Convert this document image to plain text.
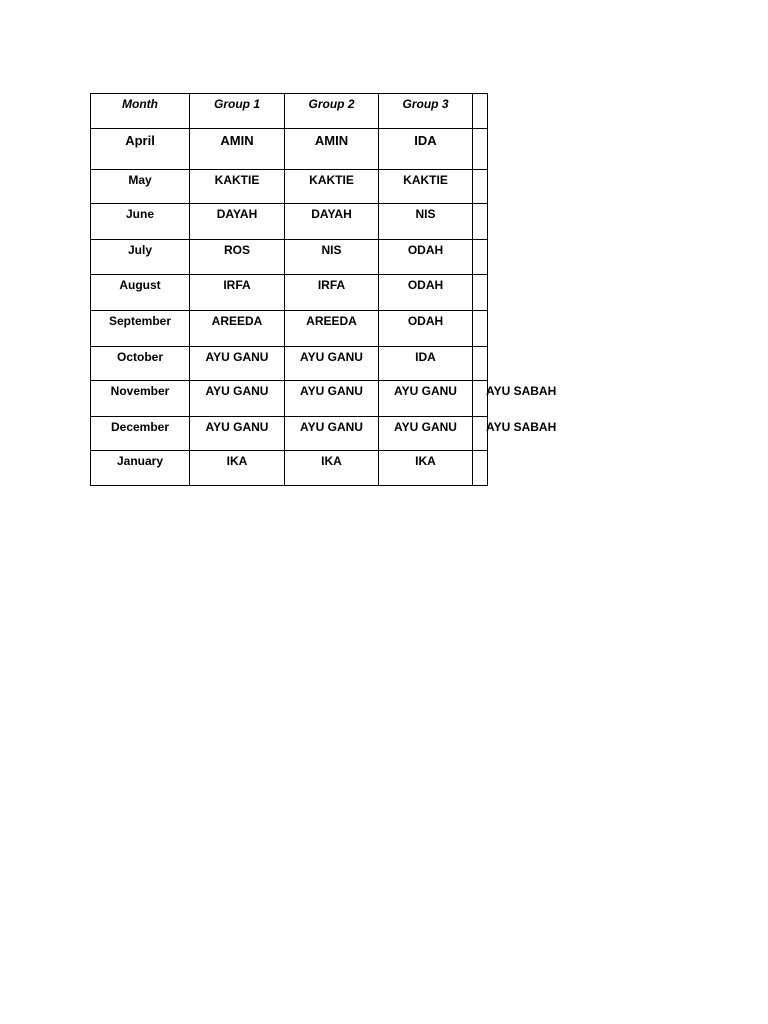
Month	Group 1	Group 2	Group 3	
April	AMIN	AMIN	IDA	

May	KAKTIE	KAKTIE	KAKTIE	

June	DAYAH	DAYAH	NIS	

July	ROS	NIS	ODAH	

August	IRFA	IRFA	ODAH	

September	AREEDA	AREEDA	ODAH	

October	AYU GANU	AYU GANU	IDA	

November	AYU GANU	AYU GANU	AYU GANU	AYU SABAH

December	AYU GANU	AYU GANU	AYU GANU	AYU SABAH

January	IKA	IKA	IKA	
